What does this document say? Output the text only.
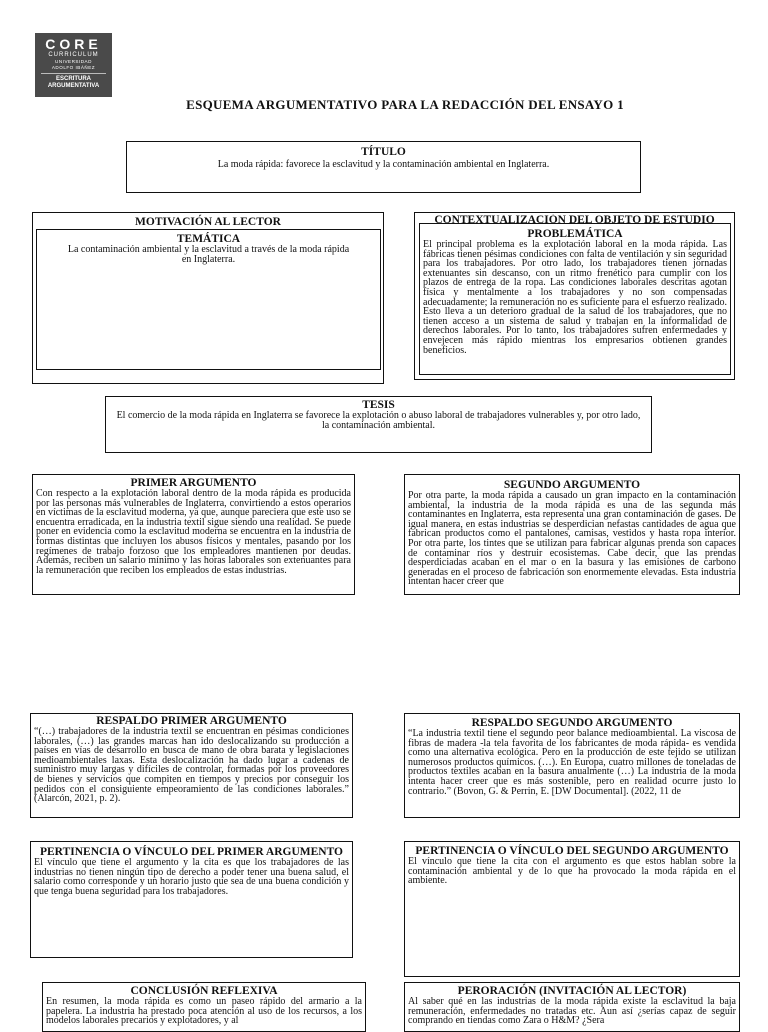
CORE
CURRICULUM
UNIVERSIDAD
ADOLFO IBÁÑEZ
ESCRITURA
ARGUMENTATIVA
ESQUEMA ARGUMENTATIVO PARA LA REDACCIÓN DEL ENSAYO 1
TÍTULO
La moda rápida: favorece la esclavitud y la contaminación ambiental en Inglaterra.
MOTIVACIÓN AL LECTOR
TEMÁTICA
La contaminación ambiental y la esclavitud a través de la moda rápida en Inglaterra.
CONTEXTUALIZACIÓN DEL OBJETO DE ESTUDIO
PROBLEMÁTICA
El principal problema es la explotación laboral en la moda rápida. Las fábricas tienen pésimas condiciones con falta de ventilación y sin seguridad para los trabajadores. Por otro lado, los trabajadores tienen jornadas extenuantes sin descanso, con un ritmo frenético para cumplir con los plazos de entrega de la ropa. Las condiciones laborales descritas agotan física y mentalmente a los trabajadores y no son compensadas adecuadamente; la remuneración no es suficiente para el esfuerzo realizado. Esto lleva a un deterioro gradual de la salud de los trabajadores, que no tienen acceso a un sistema de salud y trabajan en la informalidad de derechos laborales. Por lo tanto, los trabajadores sufren enfermedades y envejecen más rápido mientras los empresarios obtienen grandes beneficios.
TESIS
El comercio de la moda rápida en Inglaterra se favorece la explotación o abuso laboral de trabajadores vulnerables y, por otro lado, la contaminación ambiental.
PRIMER ARGUMENTO
Con respecto a la explotación laboral dentro de la moda rápida es producida por las personas más vulnerables de Inglaterra, convirtiendo a estos operarios en víctimas de la esclavitud moderna, ya que, aunque pareciera que este uso se encuentra erradicada, en la industria textil sigue siendo una realidad. Se puede poner en evidencia como la esclavitud moderna se encuentra en la industria de formas distintas que incluyen los abusos físicos y mentales, pasando por los regímenes de trabajo forzoso que los empleadores mantienen por deudas. Además, reciben un salario mínimo y las horas laborales son extenuantes para la remuneración que reciben los empleados de estas industrias.
SEGUNDO ARGUMENTO
Por otra parte, la moda rápida a causado un gran impacto en la contaminación ambiental, la industria de la moda rápida es una de las segunda más contaminantes en Inglaterra, esta representa una gran contaminación de gases. De igual manera, en estas industrias se desperdician nefastas cantidades de agua que fabrican productos como el pantalones, camisas, vestidos y hasta ropa interior. Por otra parte, los tintes que se utilizan para fabricar algunas prenda son capaces de contaminar ríos y destruir ecosistemas. Cabe decir, que las prendas desperdiciadas acaban en el mar o en la basura y las emisiones de carbono generadas en el proceso de fabricación son enormemente elevadas. Esta industria intentan hacer creer que
RESPALDO PRIMER ARGUMENTO
“(…) trabajadores de la industria textil se encuentran en pésimas condiciones laborales, (…) las grandes marcas han ido deslocalizando su producción a países en vías de desarrollo en busca de mano de obra barata y legislaciones medioambientales laxas. Esta deslocalización ha dado lugar a cadenas de suministro muy largas y difíciles de controlar, formadas por los proveedores de bienes y servicios que compiten en tiempos y precios por conseguir los pedidos con el consiguiente empeoramiento de las condiciones laborales.” (Alarcón, 2021, p. 2).
RESPALDO SEGUNDO ARGUMENTO
“La industria textil tiene el segundo peor balance medioambiental. La viscosa de fibras de madera -la tela favorita de los fabricantes de moda rápida- es vendida como una alternativa ecológica. Pero en la producción de este tejido se utilizan numerosos productos químicos. (…). En Europa, cuatro millones de toneladas de productos textiles acaban en la basura anualmente (…) La industria de la moda intenta hacer creer que es más sostenible, pero en realidad ocurre justo lo contrario.” (Bovon, G. & Perrin, E. [DW Documental]. (2022, 11 de
PERTINENCIA O VÍNCULO DEL PRIMER ARGUMENTO
El vínculo que tiene el argumento y la cita es que los trabajadores de las industrias no tienen ningún tipo de derecho a poder tener una buena salud, el salario como corresponde y un horario justo que sea de una buena condición y que tenga buena seguridad para los trabajadores.
PERTINENCIA O VÍNCULO DEL SEGUNDO ARGUMENTO
El vínculo que tiene la cita con el argumento es que estos hablan sobre la contaminación ambiental y de lo que ha provocado la moda rápida en el ambiente.
CONCLUSIÓN REFLEXIVA
En resumen, la moda rápida es como un paseo rápido del armario a la papelera. La industria ha prestado poca atención al uso de los recursos, a los modelos laborales precarios y explotadores, y al
PERORACIÓN (INVITACIÓN AL LECTOR)
Al saber qué en las industrias de la moda rápida existe la esclavitud la baja remuneración, enfermedades no tratadas etc. Aun así ¿serías capaz de seguir comprando en tiendas como Zara o H&M? ¿Sera
